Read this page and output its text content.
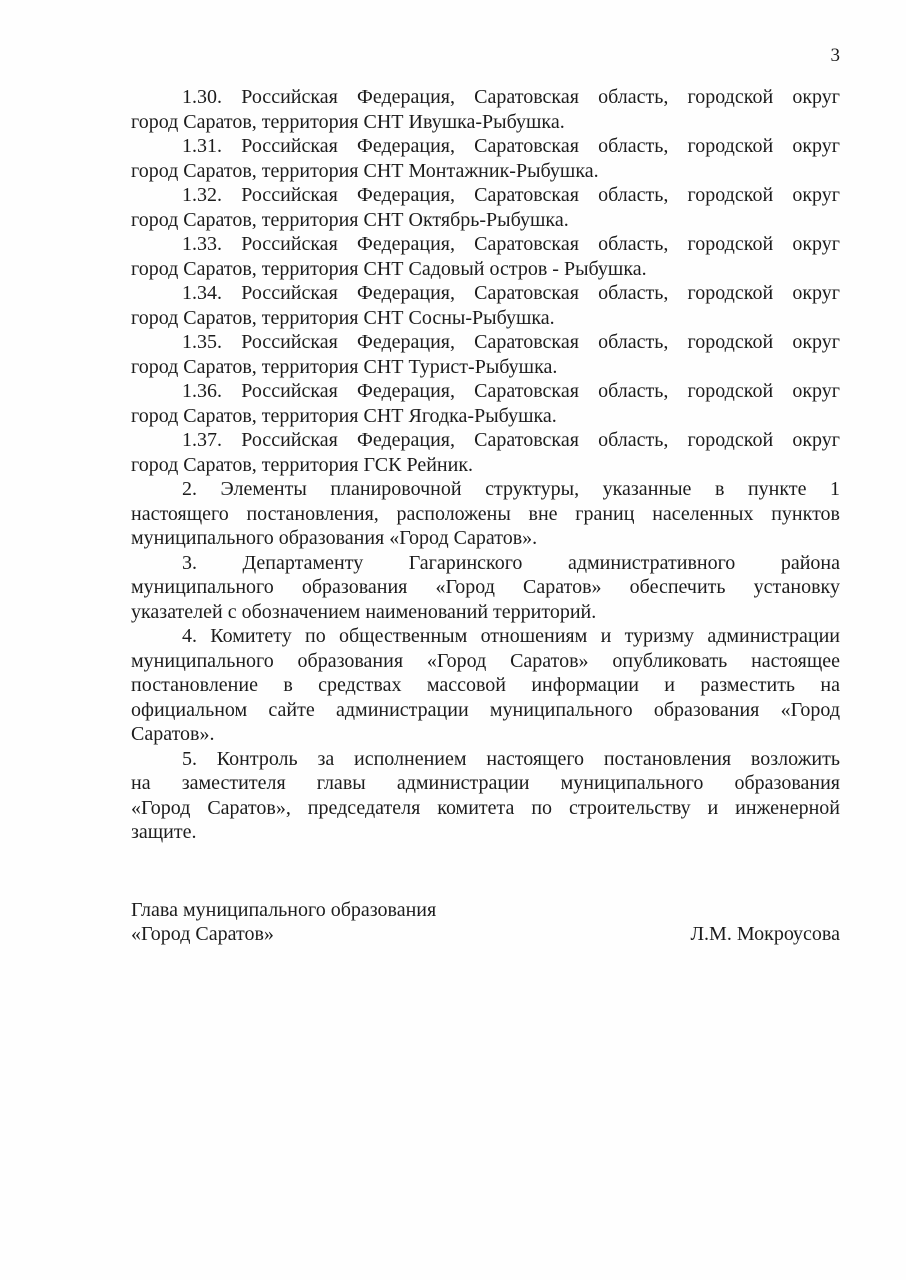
3
1.30. Российская Федерация, Саратовская область, городской округ
город Саратов, территория СНТ Ивушка-Рыбушка.
1.31. Российская Федерация, Саратовская область, городской округ
город Саратов, территория СНТ Монтажник-Рыбушка.
1.32. Российская Федерация, Саратовская область, городской округ
город Саратов, территория СНТ Октябрь-Рыбушка.
1.33. Российская Федерация, Саратовская область, городской округ
город Саратов, территория СНТ Садовый остров - Рыбушка.
1.34. Российская Федерация, Саратовская область, городской округ
город Саратов, территория СНТ Сосны-Рыбушка.
1.35. Российская Федерация, Саратовская область, городской округ
город Саратов, территория СНТ Турист-Рыбушка.
1.36. Российская Федерация, Саратовская область, городской округ
город Саратов, территория СНТ Ягодка-Рыбушка.
1.37. Российская Федерация, Саратовская область, городской округ
город Саратов, территория ГСК Рейник.
2. Элементы планировочной структуры, указанные в пункте 1
настоящего постановления, расположены вне границ населенных пунктов
муниципального образования «Город Саратов».
3. Департаменту Гагаринского административного района
муниципального образования «Город Саратов» обеспечить установку
указателей с обозначением наименований территорий.
4. Комитету по общественным отношениям и туризму администрации
муниципального образования «Город Саратов» опубликовать настоящее
постановление в средствах массовой информации и разместить на
официальном сайте администрации муниципального образования «Город
Саратов».
5. Контроль за исполнением настоящего постановления возложить
на заместителя главы администрации муниципального образования
«Город Саратов», председателя комитета по строительству и инженерной
защите.
Глава муниципального образования
«Город Саратов»	Л.М. Мокроусова
